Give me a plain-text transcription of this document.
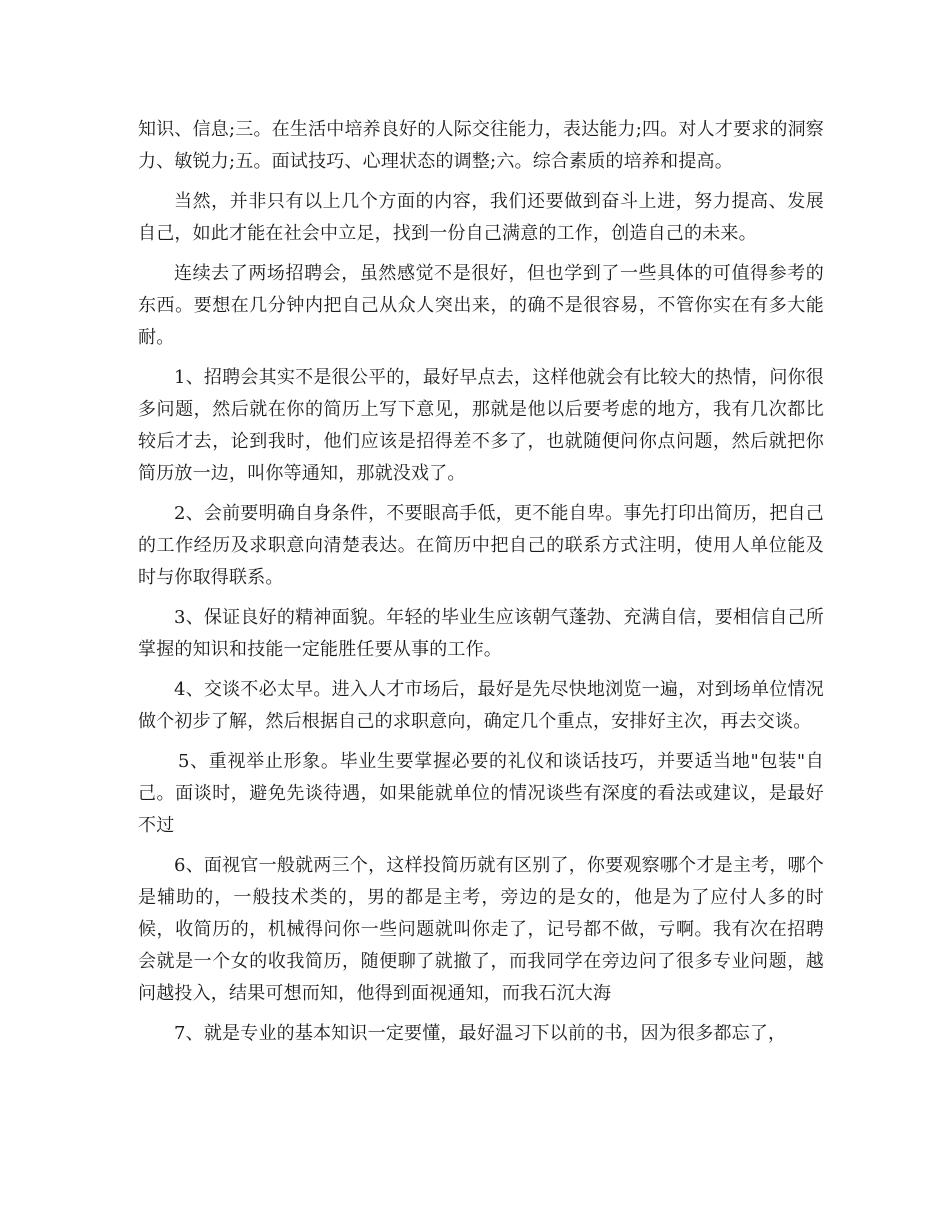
知识、信息;三。在生活中培养良好的人际交往能力，表达能力;四。对人才要求的洞察力、敏锐力;五。面试技巧、心理状态的调整;六。综合素质的培养和提高。

当然，并非只有以上几个方面的内容，我们还要做到奋斗上进，努力提高、发展自己，如此才能在社会中立足，找到一份自己满意的工作，创造自己的未来。

连续去了两场招聘会，虽然感觉不是很好，但也学到了一些具体的可值得参考的东西。要想在几分钟内把自己从众人突出来，的确不是很容易，不管你实在有多大能耐。

1、招聘会其实不是很公平的，最好早点去，这样他就会有比较大的热情，问你很多问题，然后就在你的简历上写下意见，那就是他以后要考虑的地方，我有几次都比较后才去，论到我时，他们应该是招得差不多了，也就随便问你点问题，然后就把你简历放一边，叫你等通知，那就没戏了。

2、会前要明确自身条件，不要眼高手低，更不能自卑。事先打印出简历，把自己的工作经历及求职意向清楚表达。在简历中把自己的联系方式注明，使用人单位能及时与你取得联系。

3、保证良好的精神面貌。年轻的毕业生应该朝气蓬勃、充满自信，要相信自己所掌握的知识和技能一定能胜任要从事的工作。

4、交谈不必太早。进入人才市场后，最好是先尽快地浏览一遍，对到场单位情况做个初步了解，然后根据自己的求职意向，确定几个重点，安排好主次，再去交谈。

5、重视举止形象。毕业生要掌握必要的礼仪和谈话技巧，并要适当地"包装"自己。面谈时，避免先谈待遇，如果能就单位的情况谈些有深度的看法或建议，是最好不过

6、面视官一般就两三个，这样投简历就有区别了，你要观察哪个才是主考，哪个是辅助的，一般技术类的，男的都是主考，旁边的是女的，他是为了应付人多的时候，收简历的，机械得问你一些问题就叫你走了，记号都不做，亏啊。我有次在招聘会就是一个女的收我简历，随便聊了就撤了，而我同学在旁边问了很多专业问题，越问越投入，结果可想而知，他得到面视通知，而我石沉大海

7、就是专业的基本知识一定要懂，最好温习下以前的书，因为很多都忘了，
